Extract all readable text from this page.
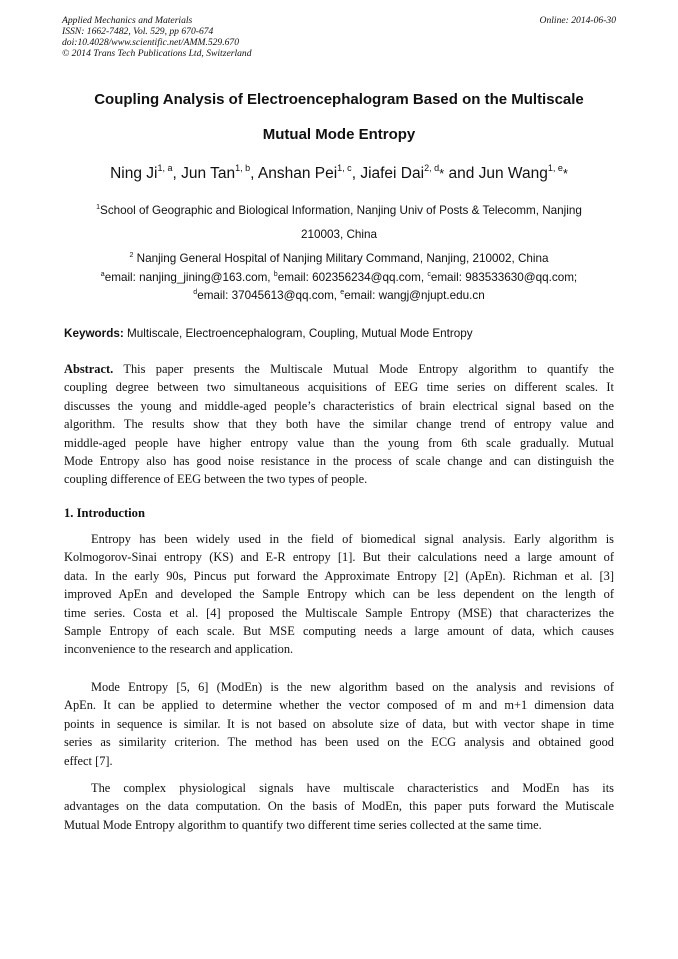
Applied Mechanics and Materials
ISSN: 1662-7482, Vol. 529, pp 670-674
doi:10.4028/www.scientific.net/AMM.529.670
© 2014 Trans Tech Publications Ltd, Switzerland
Online: 2014-06-30
Coupling Analysis of Electroencephalogram Based on the Multiscale
Mutual Mode Entropy
Ning Ji$^{1, a}$, Jun Tan$^{1, b}$, Anshan Pei$^{1, c}$, Jiafei Dai$^{2, d}$* and Jun Wang$^{1, e}$*
$^1$School of Geographic and Biological Information, Nanjing Univ of Posts & Telecomm, Nanjing
210003, China
$^2$ Nanjing General Hospital of Nanjing Military Command, Nanjing, 210002, China
$^a$email: nanjing_jining@163.com, $^b$email: 602356234@qq.com, $^c$email: 983533630@qq.com;
$^d$email: 37045613@qq.com, $^e$email: wangj@njupt.edu.cn
Keywords: Multiscale, Electroencephalogram, Coupling, Mutual Mode Entropy
Abstract. This paper presents the Multiscale Mutual Mode Entropy algorithm to quantify the
coupling degree between two simultaneous acquisitions of EEG time series on different scales. It
discusses the young and middle-aged people’s characteristics of brain electrical signal based on the
algorithm. The results show that they both have the similar change trend of entropy value and
middle-aged people have higher entropy value than the young from 6th scale gradually. Mutual
Mode Entropy also has good noise resistance in the process of scale change and can distinguish the
coupling difference of EEG between the two types of people.
1. Introduction
Entropy has been widely used in the field of biomedical signal analysis. Early algorithm is
Kolmogorov-Sinai entropy (KS) and E-R entropy [1]. But their calculations need a large amount of
data. In the early 90s, Pincus put forward the Approximate Entropy [2] (ApEn). Richman et al. [3]
improved ApEn and developed the Sample Entropy which can be less dependent on the length of
time series. Costa et al. [4] proposed the Multiscale Sample Entropy (MSE) that characterizes the
Sample Entropy of each scale. But MSE computing needs a large amount of data, which causes
inconvenience to the research and application.
Mode Entropy [5, 6] (ModEn) is the new algorithm based on the analysis and revisions of
ApEn. It can be applied to determine whether the vector composed of m and m+1 dimension data
points in sequence is similar. It is not based on absolute size of data, but with vector shape in time
series as similarity criterion. The method has been used on the ECG analysis and obtained good
effect [7].
The complex physiological signals have multiscale characteristics and ModEn has its
advantages on the data computation. On the basis of ModEn, this paper puts forward the Mutiscale
Mutual Mode Entropy algorithm to quantify two different time series collected at the same time.
